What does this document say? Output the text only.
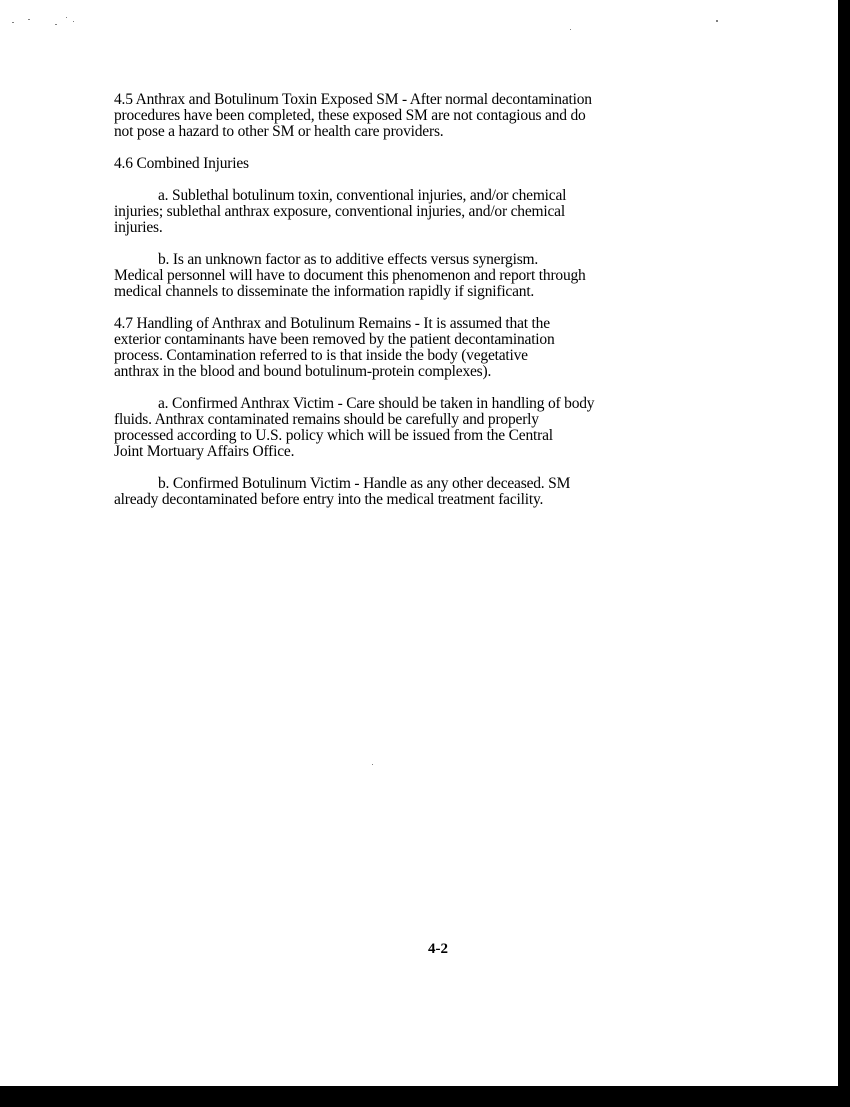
4.5 Anthrax and Botulinum Toxin Exposed SM - After normal decontamination
procedures have been completed, these exposed SM are not contagious and do
not pose a hazard to other SM or health care providers.

4.6 Combined Injuries

a. Sublethal botulinum toxin, conventional injuries, and/or chemical
injuries; sublethal anthrax exposure, conventional injuries, and/or chemical
injuries.

b. Is an unknown factor as to additive effects versus synergism.
Medical personnel will have to document this phenomenon and report through
medical channels to disseminate the information rapidly if significant.

4.7 Handling of Anthrax and Botulinum Remains - It is assumed that the
exterior contaminants have been removed by the patient decontamination
process. Contamination referred to is that inside the body (vegetative
anthrax in the blood and bound botulinum-protein complexes).

a. Confirmed Anthrax Victim - Care should be taken in handling of body
fluids. Anthrax contaminated remains should be carefully and properly
processed according to U.S. policy which will be issued from the Central
Joint Mortuary Affairs Office.

b. Confirmed Botulinum Victim - Handle as any other deceased. SM
already decontaminated before entry into the medical treatment facility.

4-2
